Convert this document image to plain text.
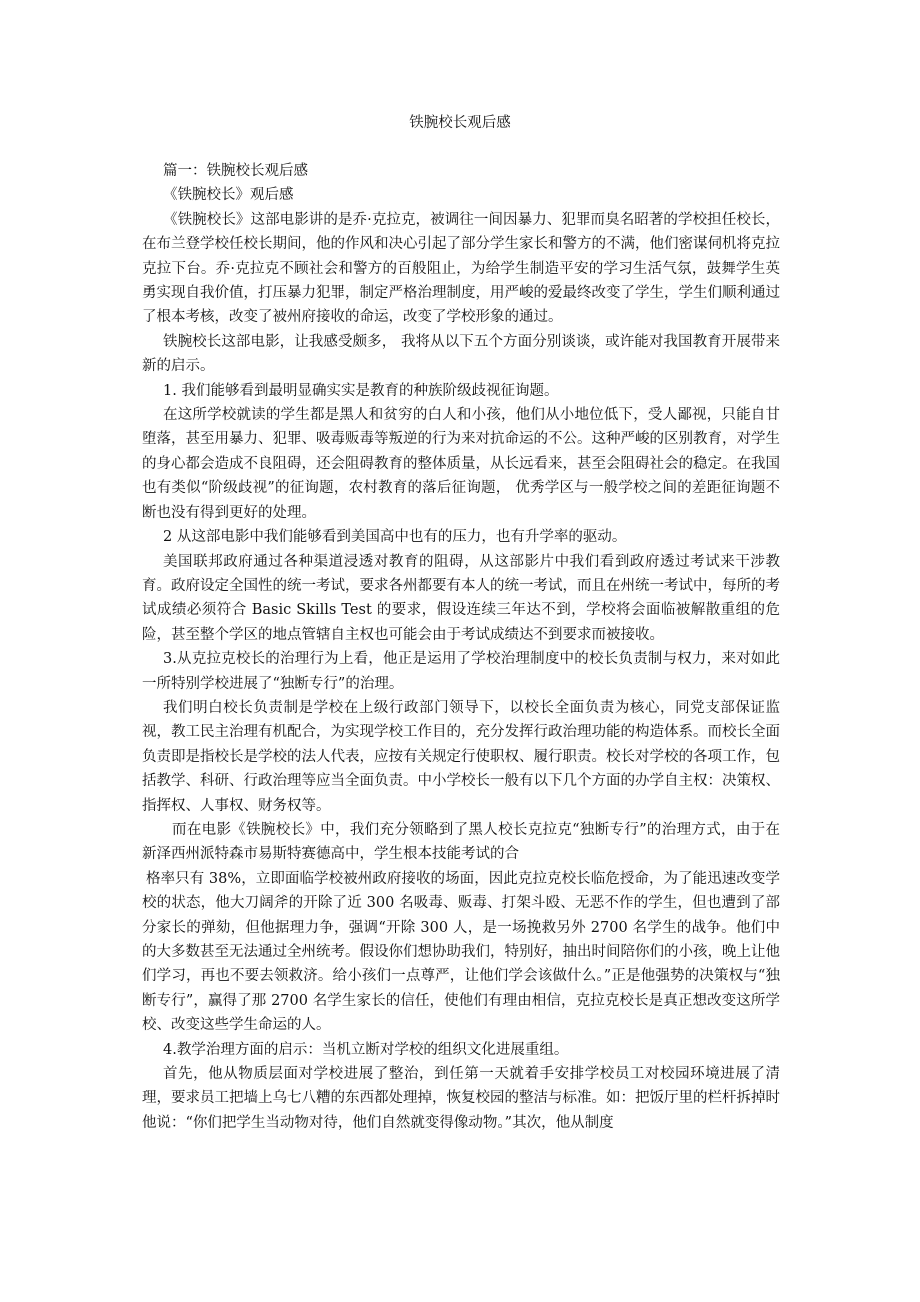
铁腕校长观后感

篇一：铁腕校长观后感

《铁腕校长》观后感

《铁腕校长》这部电影讲的是乔·克拉克，被调往一间因暴力、犯罪而臭名昭著的学校担任校长，在布兰登学校任校长期间，他的作风和决心引起了部分学生家长和警方的不满，他们密谋伺机将克拉克拉下台。乔·克拉克不顾社会和警方的百般阻止，为给学生制造平安的学习生活气氛，鼓舞学生英勇实现自我价值，打压暴力犯罪，制定严格治理制度，用严峻的爱最终改变了学生，学生们顺利通过了根本考核，改变了被州府接收的命运，改变了学校形象的通过。

铁腕校长这部电影，让我感受颇多， 我将从以下五个方面分别谈谈，或许能对我国教育开展带来新的启示。

1. 我们能够看到最明显确实实是教育的种族阶级歧视征询题。

在这所学校就读的学生都是黑人和贫穷的白人和小孩，他们从小地位低下，受人鄙视，只能自甘堕落，甚至用暴力、犯罪、吸毒贩毒等叛逆的行为来对抗命运的不公。这种严峻的区别教育，对学生的身心都会造成不良阻碍，还会阻碍教育的整体质量，从长远看来，甚至会阻碍社会的稳定。在我国也有类似“阶级歧视”的征询题，农村教育的落后征询题， 优秀学区与一般学校之间的差距征询题不断也没有得到更好的处理。

2 从这部电影中我们能够看到美国高中也有的压力，也有升学率的驱动。

美国联邦政府通过各种渠道浸透对教育的阻碍，从这部影片中我们看到政府透过考试来干涉教育。政府设定全国性的统一考试，要求各州都要有本人的统一考试，而且在州统一考试中，每所的考试成绩必须符合 Basic Skills Test 的要求，假设连续三年达不到，学校将会面临被解散重组的危险，甚至整个学区的地点管辖自主权也可能会由于考试成绩达不到要求而被接收。

3.从克拉克校长的治理行为上看，他正是运用了学校治理制度中的校长负责制与权力，来对如此一所特别学校进展了“独断专行”的治理。

我们明白校长负责制是学校在上级行政部门领导下，以校长全面负责为核心，同党支部保证监视，教工民主治理有机配合，为实现学校工作目的，充分发挥行政治理功能的构造体系。而校长全面负责即是指校长是学校的法人代表，应按有关规定行使职权、履行职责。校长对学校的各项工作，包括教学、科研、行政治理等应当全面负责。中小学校长一般有以下几个方面的办学自主权：决策权、指挥权、人事权、财务权等。

而在电影《铁腕校长》中，我们充分领略到了黑人校长克拉克“独断专行”的治理方式，由于在新泽西州派特森市易斯特赛德高中，学生根本技能考试的合

格率只有 38%，立即面临学校被州政府接收的场面，因此克拉克校长临危授命，为了能迅速改变学校的状态，他大刀阔斧的开除了近 300 名吸毒、贩毒、打架斗殴、无恶不作的学生，但也遭到了部分家长的弹劾，但他据理力争，强调“开除 300 人，是一场挽救另外 2700 名学生的战争。他们中的大多数甚至无法通过全州统考。假设你们想协助我们，特别好，抽出时间陪你们的小孩，晚上让他们学习，再也不要去领救济。给小孩们一点尊严，让他们学会该做什么。”正是他强势的决策权与“独断专行”，赢得了那 2700 名学生家长的信任，使他们有理由相信，克拉克校长是真正想改变这所学校、改变这些学生命运的人。

4.教学治理方面的启示：当机立断对学校的组织文化进展重组。

首先，他从物质层面对学校进展了整治，到任第一天就着手安排学校员工对校园环境进展了清理，要求员工把墙上乌七八糟的东西都处理掉，恢复校园的整洁与标准。如：把饭厅里的栏杆拆掉时他说：“你们把学生当动物对待，他们自然就变得像动物。”其次，他从制度
